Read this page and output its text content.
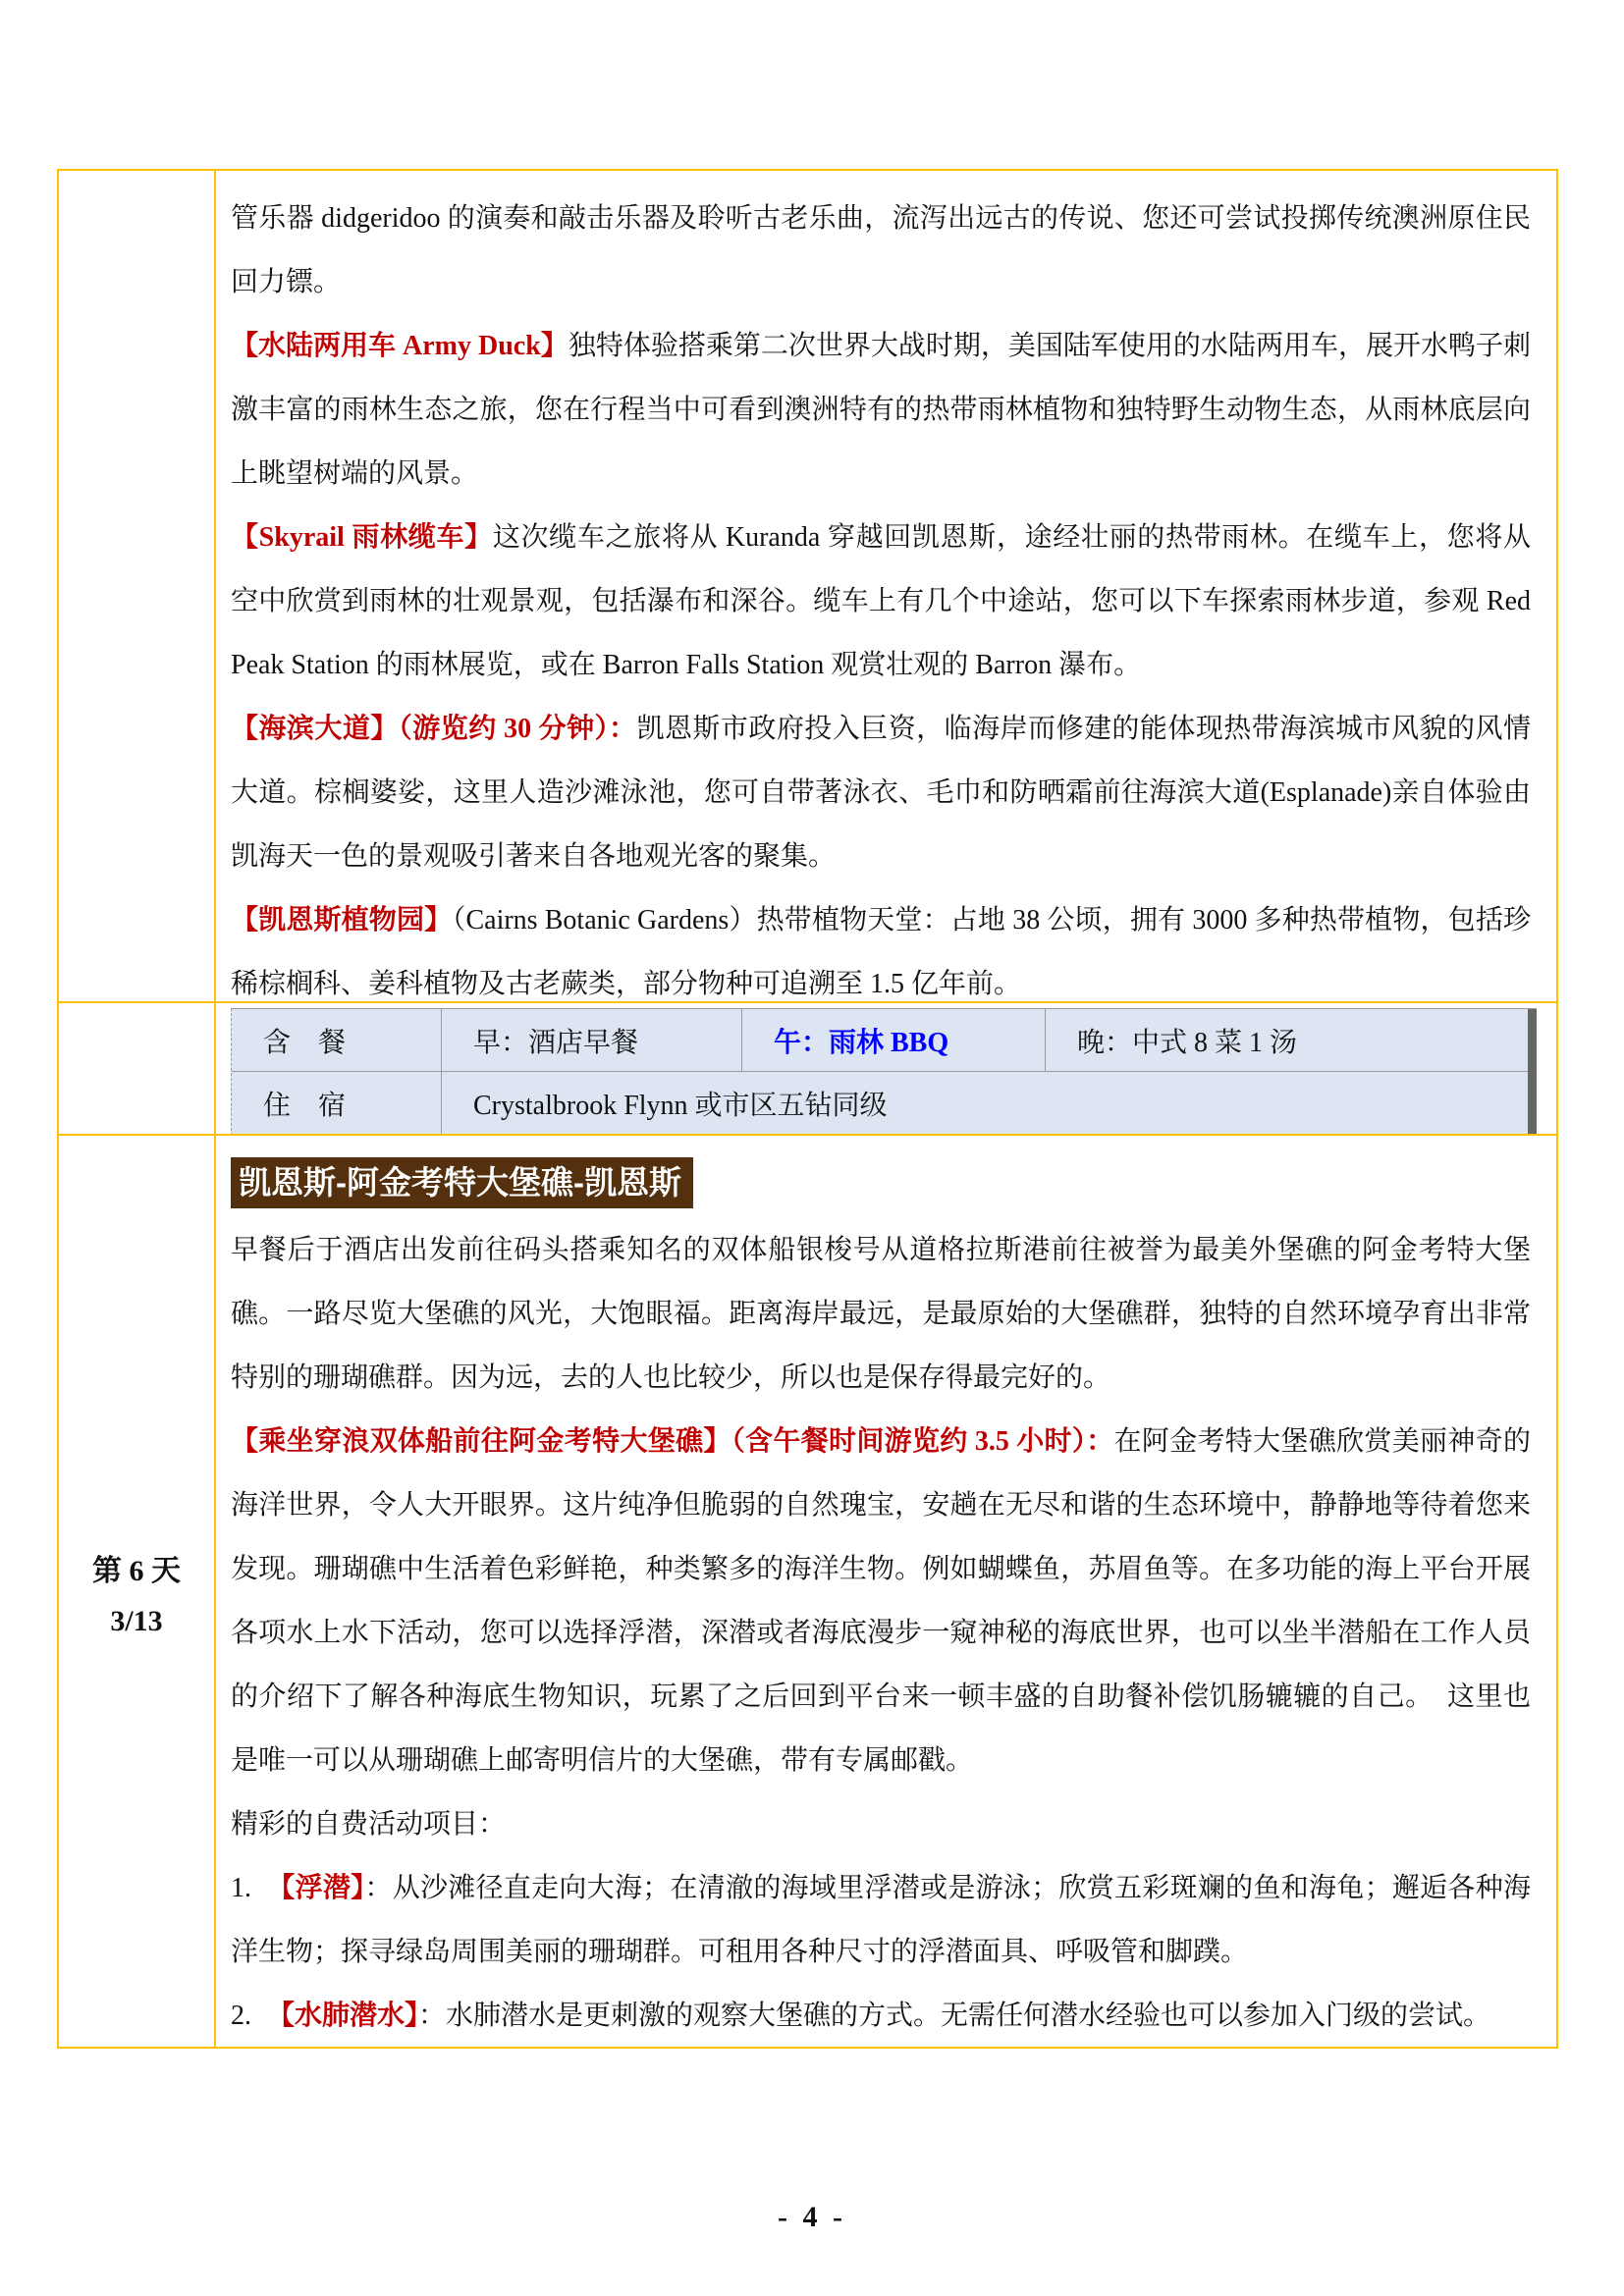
管乐器 didgeridoo 的演奏和敲击乐器及聆听古老乐曲，流泻出远古的传说、您还可尝试投掷传统澳洲原住民回力镖。
【水陆两用车 Army Duck】独特体验搭乘第二次世界大战时期，美国陆军使用的水陆两用车，展开水鸭子刺激丰富的雨林生态之旅，您在行程当中可看到澳洲特有的热带雨林植物和独特野生动物生态，从雨林底层向上眺望树端的风景。
【Skyrail 雨林缆车】这次缆车之旅将从 Kuranda 穿越回凯恩斯，途经壮丽的热带雨林。在缆车上，您将从空中欣赏到雨林的壮观景观，包括瀑布和深谷。缆车上有几个中途站，您可以下车探索雨林步道，参观 Red Peak Station 的雨林展览，或在 Barron Falls Station 观赏壮观的 Barron 瀑布。
【海滨大道】（游览约 30 分钟）：凯恩斯市政府投入巨资，临海岸而修建的能体现热带海滨城市风貌的风情大道。棕榈婆娑，这里人造沙滩泳池，您可自带著泳衣、毛巾和防晒霜前往海滨大道(Esplanade)亲自体验由凯海天一色的景观吸引著来自各地观光客的聚集。
【凯恩斯植物园】（Cairns Botanic Gardens）热带植物天堂：占地 38 公顷，拥有 3000 多种热带植物，包括珍稀棕榈科、姜科植物及古老蕨类，部分物种可追溯至 1.5 亿年前。
含　餐	早：酒店早餐	午：雨林 BBQ	晚：中式 8 菜 1 汤
住　宿	Crystalbrook Flynn 或市区五钻同级
第 6 天
3/13
凯恩斯-阿金考特大堡礁-凯恩斯
早餐后于酒店出发前往码头搭乘知名的双体船银梭号从道格拉斯港前往被誉为最美外堡礁的阿金考特大堡礁。一路尽览大堡礁的风光，大饱眼福。距离海岸最远，是最原始的大堡礁群，独特的自然环境孕育出非常特别的珊瑚礁群。因为远，去的人也比较少，所以也是保存得最完好的。
【乘坐穿浪双体船前往阿金考特大堡礁】（含午餐时间游览约 3.5 小时）：在阿金考特大堡礁欣赏美丽神奇的海洋世界，令人大开眼界。这片纯净但脆弱的自然瑰宝，安趟在无尽和谐的生态环境中，静静地等待着您来发现。珊瑚礁中生活着色彩鲜艳，种类繁多的海洋生物。例如蝴蝶鱼，苏眉鱼等。在多功能的海上平台开展各项水上水下活动，您可以选择浮潜，深潜或者海底漫步一窥神秘的海底世界，也可以坐半潜船在工作人员的介绍下了解各种海底生物知识，玩累了之后回到平台来一顿丰盛的自助餐补偿饥肠辘辘的自己。　这里也是唯一可以从珊瑚礁上邮寄明信片的大堡礁，带有专属邮戳。
精彩的自费活动项目：
1. 【浮潜】：从沙滩径直走向大海；在清澈的海域里浮潜或是游泳；欣赏五彩斑斓的鱼和海龟；邂逅各种海洋生物；探寻绿岛周围美丽的珊瑚群。可租用各种尺寸的浮潜面具、呼吸管和脚蹼。
2. 【水肺潜水】：水肺潜水是更刺激的观察大堡礁的方式。无需任何潜水经验也可以参加入门级的尝试。
- 4 -
